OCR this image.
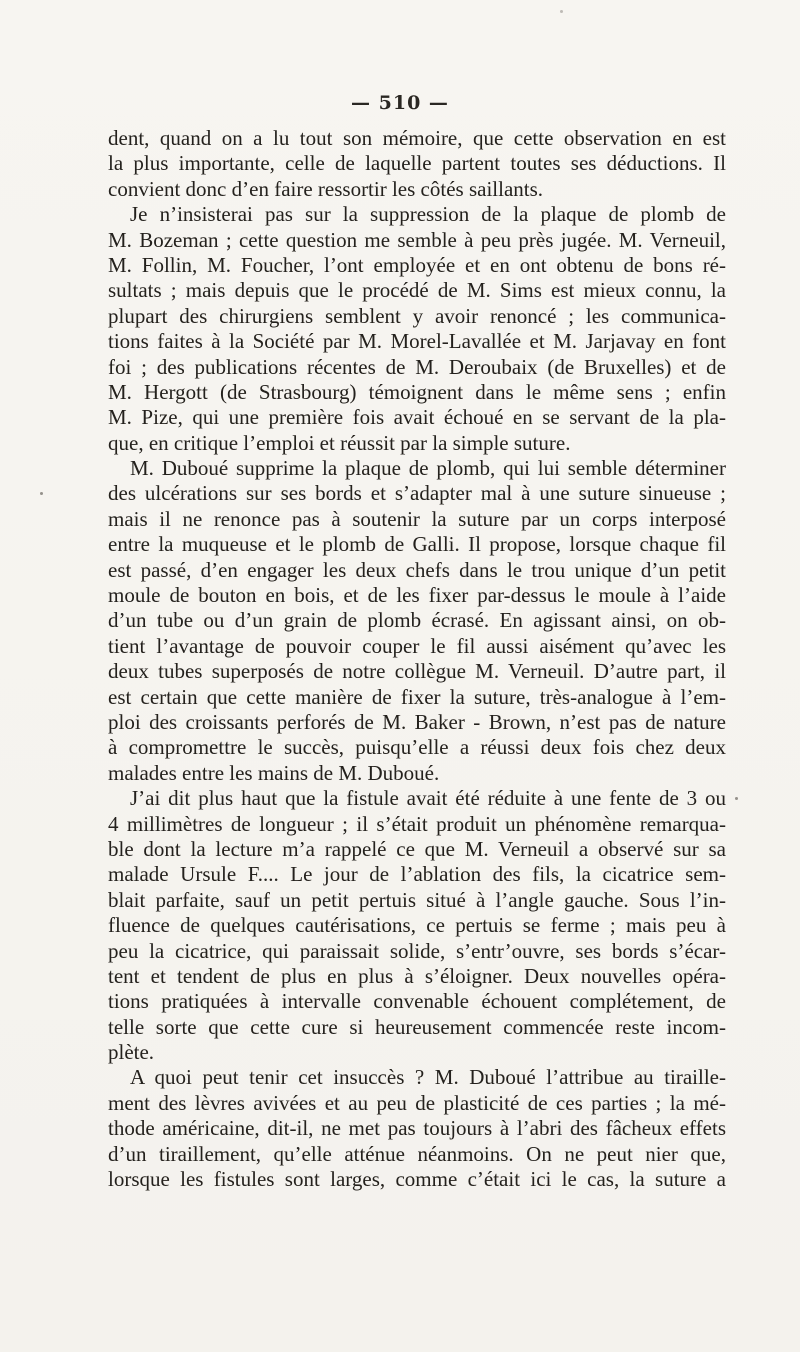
— 510 —
dent, quand on a lu tout son mémoire, que cette observation en est
la plus importante, celle de laquelle partent toutes ses déductions. Il
convient donc d’en faire ressortir les côtés saillants.
Je n’insisterai pas sur la suppression de la plaque de plomb de
M. Bozeman ; cette question me semble à peu près jugée. M. Verneuil,
M. Follin, M. Foucher, l’ont employée et en ont obtenu de bons ré-
sultats ; mais depuis que le procédé de M. Sims est mieux connu, la
plupart des chirurgiens semblent y avoir renoncé ; les communica-
tions faites à la Société par M. Morel-Lavallée et M. Jarjavay en font
foi ; des publications récentes de M. Deroubaix (de Bruxelles) et de
M. Hergott (de Strasbourg) témoignent dans le même sens ; enfin
M. Pize, qui une première fois avait échoué en se servant de la pla-
que, en critique l’emploi et réussit par la simple suture.
M. Duboué supprime la plaque de plomb, qui lui semble déterminer
des ulcérations sur ses bords et s’adapter mal à une suture sinueuse ;
mais il ne renonce pas à soutenir la suture par un corps interposé
entre la muqueuse et le plomb de Galli. Il propose, lorsque chaque fil
est passé, d’en engager les deux chefs dans le trou unique d’un petit
moule de bouton en bois, et de les fixer par-dessus le moule à l’aide
d’un tube ou d’un grain de plomb écrasé. En agissant ainsi, on ob-
tient l’avantage de pouvoir couper le fil aussi aisément qu’avec les
deux tubes superposés de notre collègue M. Verneuil. D’autre part, il
est certain que cette manière de fixer la suture, très-analogue à l’em-
ploi des croissants perforés de M. Baker - Brown, n’est pas de nature
à compromettre le succès, puisqu’elle a réussi deux fois chez deux
malades entre les mains de M. Duboué.
J’ai dit plus haut que la fistule avait été réduite à une fente de 3 ou
4 millimètres de longueur ; il s’était produit un phénomène remarqua-
ble dont la lecture m’a rappelé ce que M. Verneuil a observé sur sa
malade Ursule F.... Le jour de l’ablation des fils, la cicatrice sem-
blait parfaite, sauf un petit pertuis situé à l’angle gauche. Sous l’in-
fluence de quelques cautérisations, ce pertuis se ferme ; mais peu à
peu la cicatrice, qui paraissait solide, s’entr’ouvre, ses bords s’écar-
tent et tendent de plus en plus à s’éloigner. Deux nouvelles opéra-
tions pratiquées à intervalle convenable échouent complétement, de
telle sorte que cette cure si heureusement commencée reste incom-
plète.
A quoi peut tenir cet insuccès ? M. Duboué l’attribue au tiraille-
ment des lèvres avivées et au peu de plasticité de ces parties ; la mé-
thode américaine, dit-il, ne met pas toujours à l’abri des fâcheux effets
d’un tiraillement, qu’elle atténue néanmoins. On ne peut nier que,
lorsque les fistules sont larges, comme c’était ici le cas, la suture a
